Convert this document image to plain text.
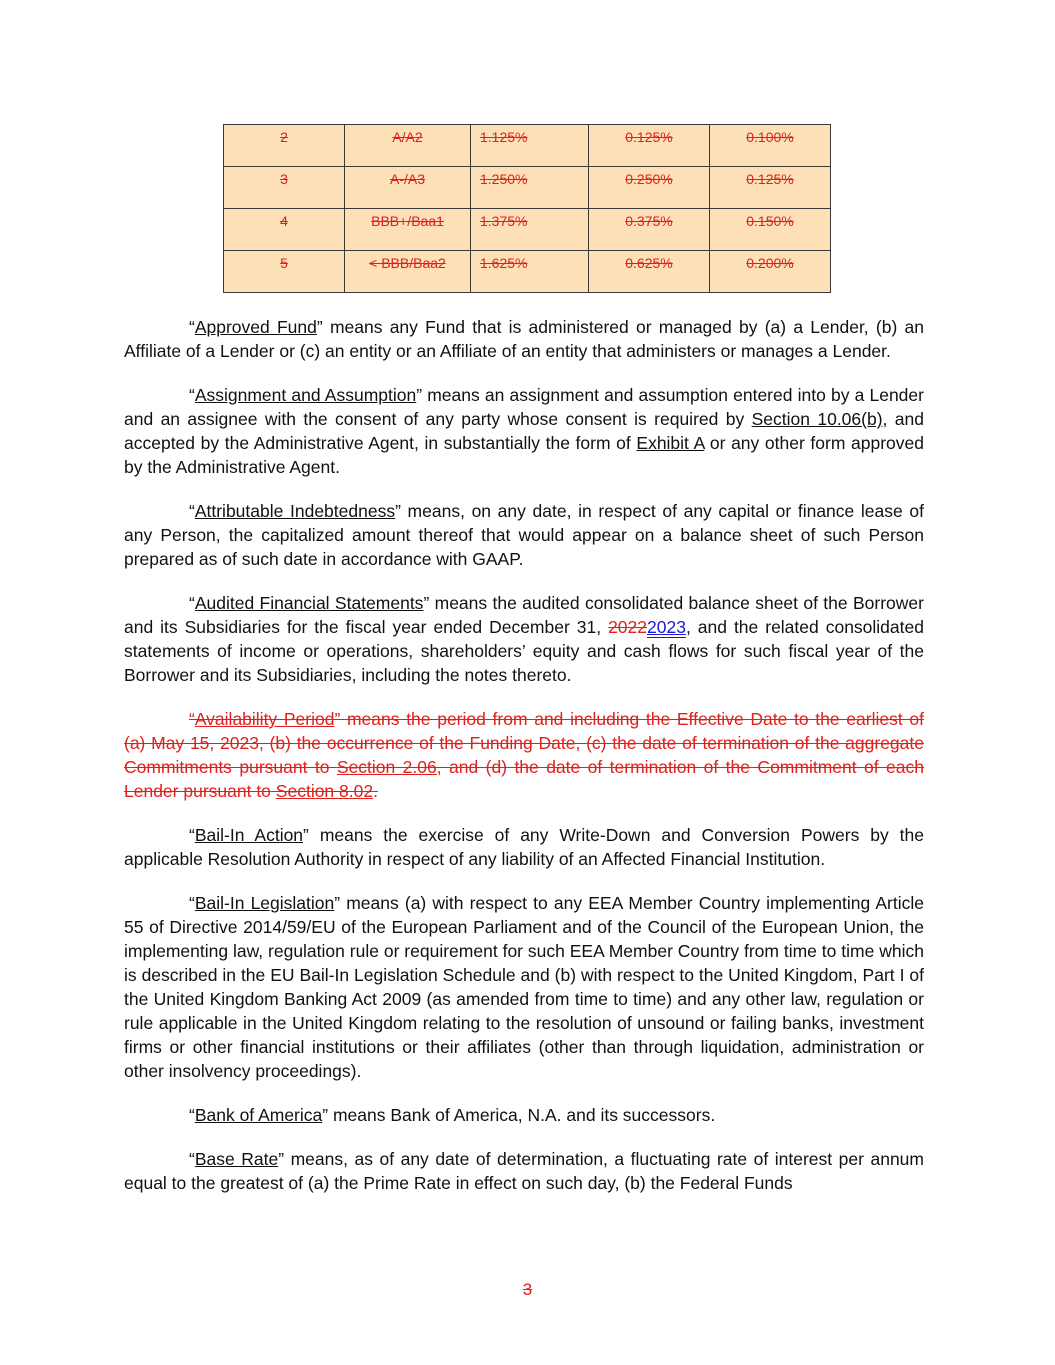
2	A/A2	1.125%	0.125%	0.100%

3	A-/A3	1.250%	0.250%	0.125%

4	BBB+/Baa1	1.375%	0.375%	0.150%

5	< BBB/Baa2	1.625%	0.625%	0.200%

“Approved Fund” means any Fund that is administered or managed by (a) a Lender, (b) an Affiliate of a Lender or (c) an entity or an Affiliate of an entity that administers or manages a Lender.

“Assignment and Assumption” means an assignment and assumption entered into by a Lender and an assignee with the consent of any party whose consent is required by Section 10.06(b), and accepted by the Administrative Agent, in substantially the form of Exhibit A or any other form approved by the Administrative Agent.

“Attributable Indebtedness” means, on any date, in respect of any capital or finance lease of any Person, the capitalized amount thereof that would appear on a balance sheet of such Person prepared as of such date in accordance with GAAP.

“Audited Financial Statements” means the audited consolidated balance sheet of the Borrower and its Subsidiaries for the fiscal year ended December 31, 20222023, and the related consolidated statements of income or operations, shareholders’ equity and cash flows for such fiscal year of the Borrower and its Subsidiaries, including the notes thereto.

“Availability Period” means the period from and including the Effective Date to the earliest of (a) May 15, 2023, (b) the occurrence of the Funding Date, (c) the date of termination of the aggregate Commitments pursuant to Section 2.06, and (d) the date of termination of the Commitment of each Lender pursuant to Section 8.02.

“Bail-In Action” means the exercise of any Write-Down and Conversion Powers by the applicable Resolution Authority in respect of any liability of an Affected Financial Institution.

“Bail-In Legislation” means (a) with respect to any EEA Member Country implementing Article 55 of Directive 2014/59/EU of the European Parliament and of the Council of the European Union, the implementing law, regulation rule or requirement for such EEA Member Country from time to time which is described in the EU Bail-In Legislation Schedule and (b) with respect to the United Kingdom, Part I of the United Kingdom Banking Act 2009 (as amended from time to time) and any other law, regulation or rule applicable in the United Kingdom relating to the resolution of unsound or failing banks, investment firms or other financial institutions or their affiliates (other than through liquidation, administration or other insolvency proceedings).

“Bank of America” means Bank of America, N.A. and its successors.

“Base Rate” means, as of any date of determination, a fluctuating rate of interest per annum equal to the greatest of (a) the Prime Rate in effect on such day, (b) the Federal Funds

3
